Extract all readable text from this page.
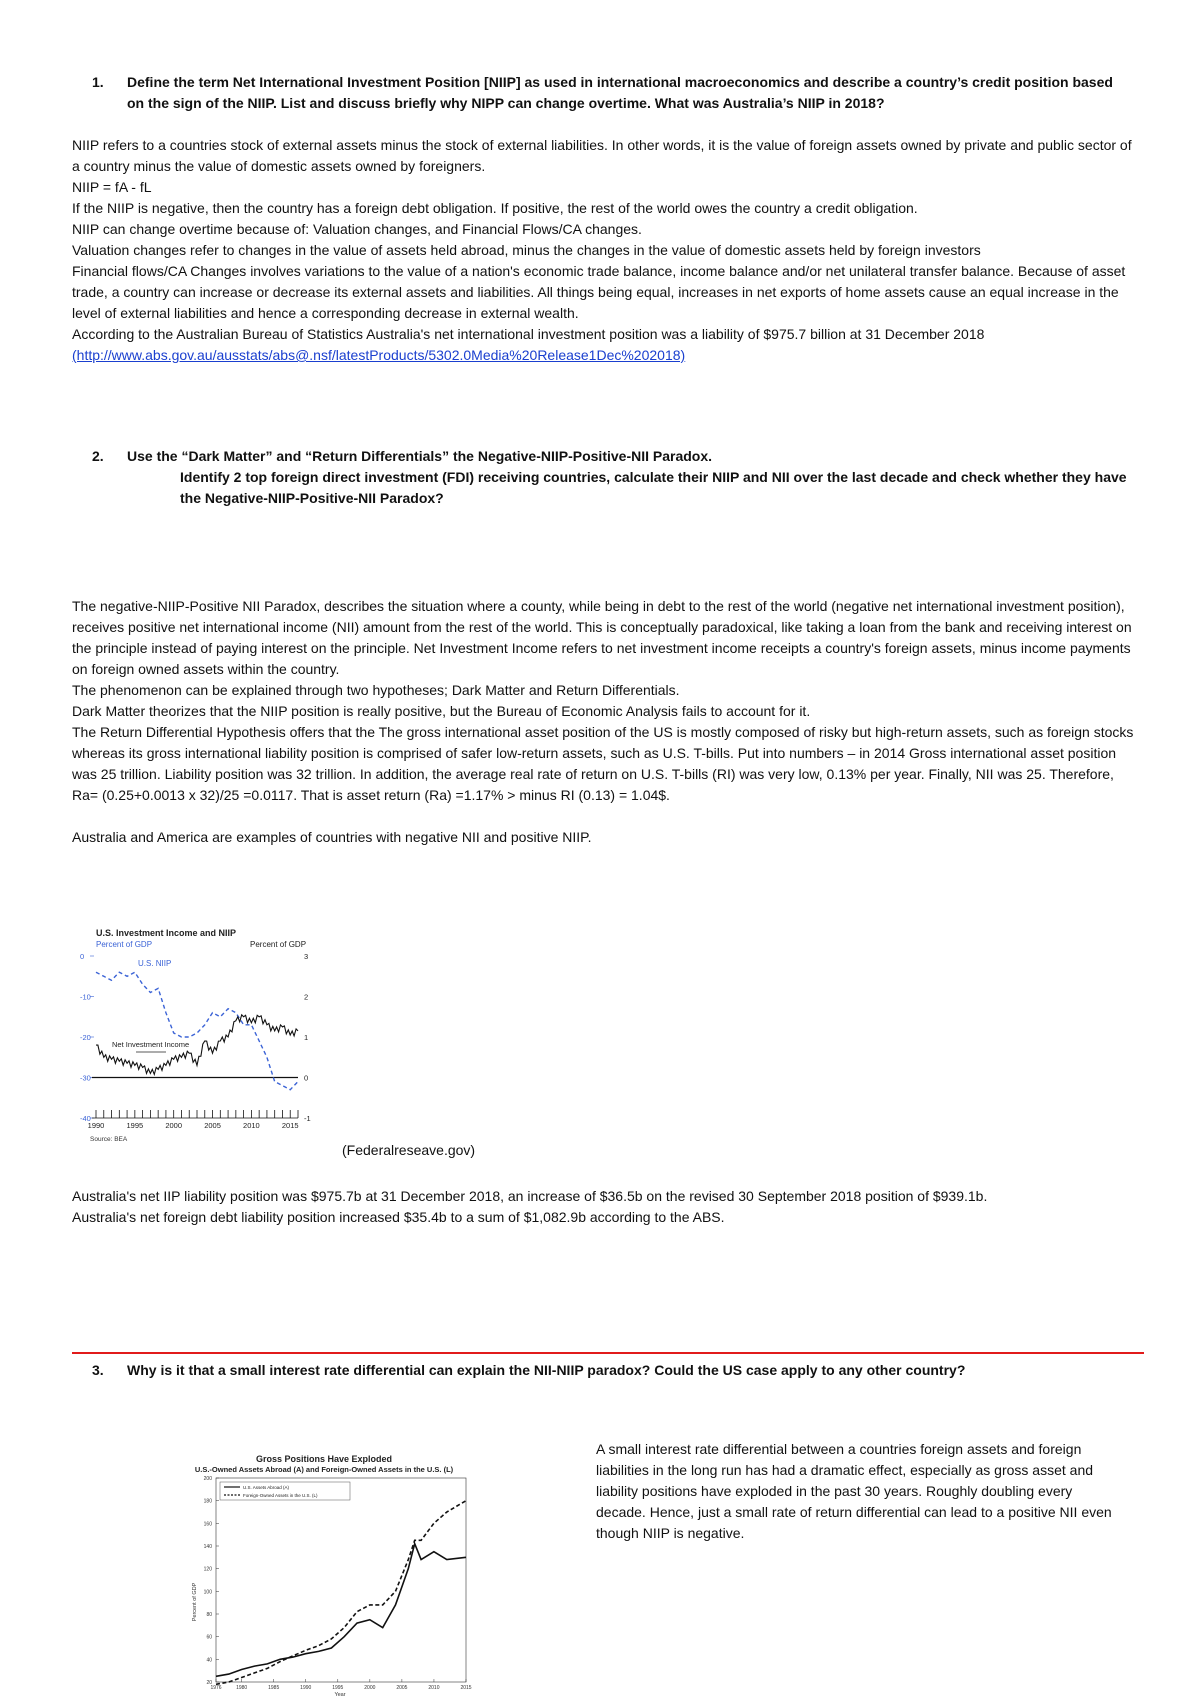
1. Define the term Net International Investment Position [NIIP] as used in international macroeconomics and describe a country’s credit position based on the sign of the NIIP. List and discuss briefly why NIPP can change overtime. What was Australia’s NIIP in 2018?

NIIP refers to a countries stock of external assets minus the stock of external liabilities. In other words, it is the value of foreign assets owned by private and public sector of a country minus the value of domestic assets owned by foreigners.

NIIP = fA - fL

If the NIIP is negative, then the country has a foreign debt obligation. If positive, the rest of the world owes the country a credit obligation.

NIIP can change overtime because of: Valuation changes, and Financial Flows/CA changes.

Valuation changes refer to changes in the value of assets held abroad, minus the changes in the value of domestic assets held by foreign investors

Financial flows/CA Changes involves variations to the value of a nation's economic trade balance, income balance and/or net unilateral transfer balance. Because of asset trade, a country can increase or decrease its external assets and liabilities. All things being equal, increases in net exports of home assets cause an equal increase in the level of external liabilities and hence a corresponding decrease in external wealth.

According to the Australian Bureau of Statistics Australia's net international investment position was a liability of $975.7 billion at 31 December 2018

(http://www.abs.gov.au/ausstats/abs@.nsf/latestProducts/5302.0Media%20Release1Dec%202018)

2. Use the “Dark Matter” and “Return Differentials” the Negative-NIIP-Positive-NII Paradox.
Identify 2 top foreign direct investment (FDI) receiving countries, calculate their NIIP and NII over the last decade and check whether they have the Negative-NIIP-Positive-NII Paradox?

The negative-NIIP-Positive NII Paradox, describes the situation where a county, while being in debt to the rest of the world (negative net international investment position), receives positive net international income (NII) amount from the rest of the world. This is conceptually paradoxical, like taking a loan from the bank and receiving interest on the principle instead of paying interest on the principle. Net Investment Income refers to net investment income receipts a country's foreign assets, minus income payments on foreign owned assets within the country.

The phenomenon can be explained through two hypotheses; Dark Matter and Return Differentials.

Dark Matter theorizes that the NIIP position is really positive, but the Bureau of Economic Analysis fails to account for it.

The Return Differential Hypothesis offers that the The gross international asset position of the US is mostly composed of risky but high-return assets, such as foreign stocks whereas its gross international liability position is comprised of safer low-return assets, such as U.S. T-bills. Put into numbers – in 2014 Gross international asset position was 25 trillion. Liability position was 32 trillion. In addition, the average real rate of return on U.S. T-bills (RI) was very low, 0.13% per year. Finally, NII was 25. Therefore, Ra= (0.25+0.0013 x 32)/25 =0.0117. That is asset return (Ra) =1.17% > minus RI (0.13) = 1.04$.

Australia and America are examples of countries with negative NII and positive NIIP.

U.S. Investment Income and NIIP
Percent of GDP	Percent of GDP
0
-10
-20
-30
-40
3
2
1
0
-1
1990	1995	2000	2005	2010	2015
U.S. NIIP
Net Investment Income
Source: BEA
(Federalreseave.gov)

Australia's net IIP liability position was $975.7b at 31 December 2018, an increase of $36.5b on the revised 30 September 2018 position of $939.1b.

Australia's net foreign debt liability position increased $35.4b to a sum of $1,082.9b according to the ABS.

3. Why is it that a small interest rate differential can explain the NII-NIIP paradox? Could the US case apply to any other country?
Gross Positions Have Exploded
U.S.-Owned Assets Abroad (A) and Foreign-Owned Assets in the U.S. (L)
200
180
160
140
120
100
80
60
40
20
1976	1980	1985	1990	1995	2000	2005	2010	2015
U.S. Assets Abroad (A)
Foreign-Owned Assets in the U.S. (L)
Percent of GDP
Year
A small interest rate differential between a countries foreign assets and foreign liabilities in the long run has had a dramatic effect, especially as gross asset and liability positions have exploded in the past 30 years. Roughly doubling every decade. Hence, just a small rate of return differential can lead to a positive NII even though NIIP is negative.
